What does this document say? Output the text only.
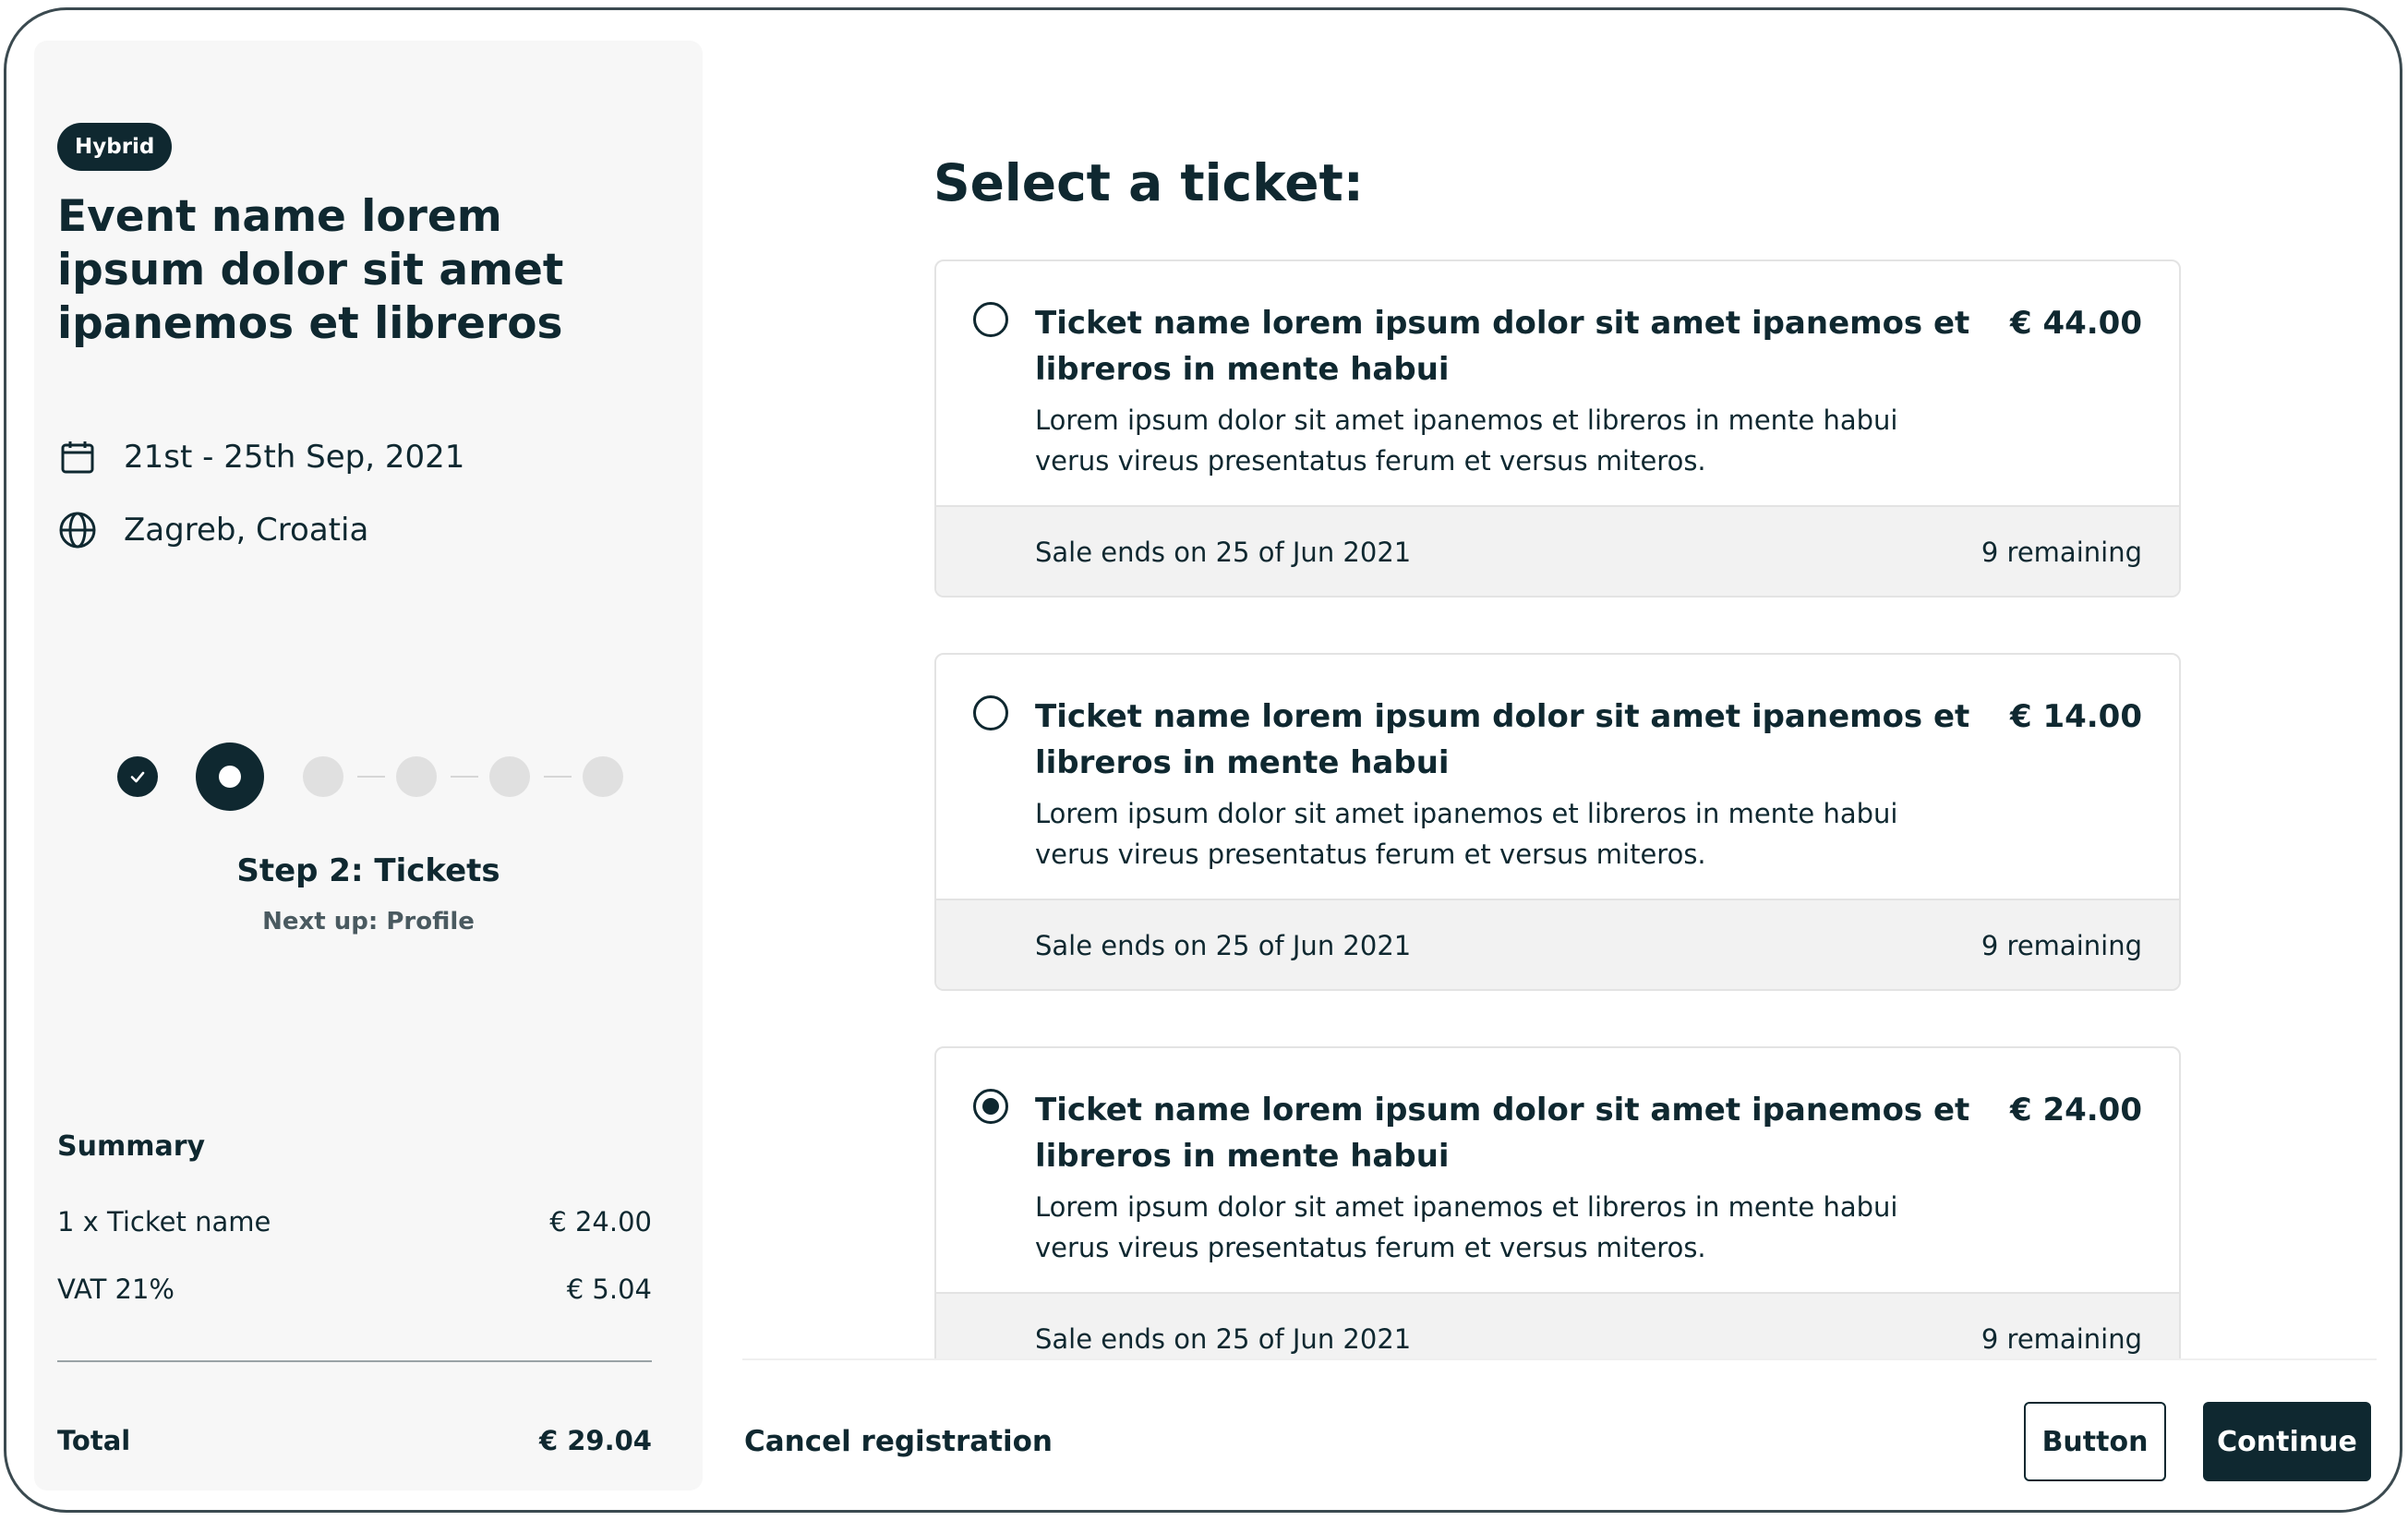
Hybrid
Event name lorem ipsum dolor sit amet ipanemos et libreros
21st - 25th Sep, 2021
Zagreb, Croatia
Step 2: Tickets
Next up: Profile
Summary
1 x Ticket name	€ 24.00
VAT 21%	€ 5.04
Total	€ 29.04
Select a ticket:
Ticket name lorem ipsum dolor sit amet ipanemos et libreros in mente habui
€ 44.00
Lorem ipsum dolor sit amet ipanemos et libreros in mente habui verus vireus presentatus ferum et versus miteros.
Sale ends on 25 of Jun 2021	9 remaining
Ticket name lorem ipsum dolor sit amet ipanemos et libreros in mente habui
€ 14.00
Lorem ipsum dolor sit amet ipanemos et libreros in mente habui verus vireus presentatus ferum et versus miteros.
Sale ends on 25 of Jun 2021	9 remaining
Ticket name lorem ipsum dolor sit amet ipanemos et libreros in mente habui
€ 24.00
Lorem ipsum dolor sit amet ipanemos et libreros in mente habui verus vireus presentatus ferum et versus miteros.
Sale ends on 25 of Jun 2021	9 remaining
Cancel registration	Button	Continue
